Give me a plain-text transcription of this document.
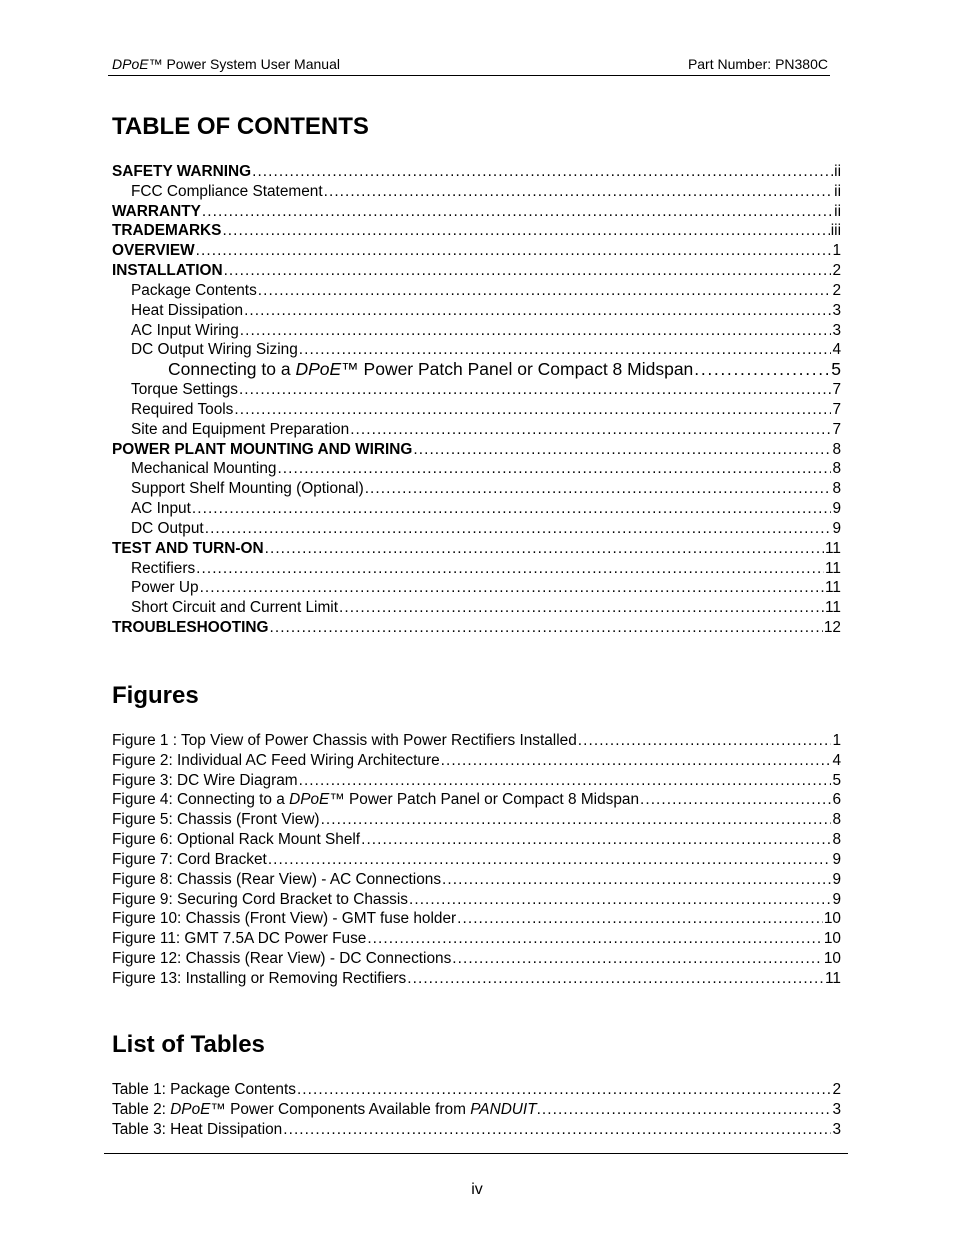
DPoE™ Power System User Manual	Part Number: PN380C
TABLE OF CONTENTS
SAFETY WARNING . . .	ii
FCC Compliance Statement . . .	ii
WARRANTY . . .	ii
TRADEMARKS . . .	iii
OVERVIEW . . .	1
INSTALLATION . . .	2
Package Contents . . .	2
Heat Dissipation . . .	3
AC Input Wiring . . .	3
DC Output Wiring Sizing . . .	4
Connecting to a DPoE™ Power Patch Panel or Compact 8 Midspan . . .	5
Torque Settings . . .	7
Required Tools . . .	7
Site and Equipment Preparation . . .	7
POWER PLANT MOUNTING AND WIRING . . .	8
Mechanical Mounting . . .	8
Support Shelf Mounting (Optional) . . .	8
AC Input . . .	9
DC Output . . .	9
TEST AND TURN-ON . . .	11
Rectifiers . . .	11
Power Up . . .	11
Short Circuit and Current Limit . . .	11
TROUBLESHOOTING . . .	12
Figures
Figure 1 : Top View of Power Chassis with Power Rectifiers Installed . . .	1
Figure 2: Individual AC Feed Wiring Architecture . . .	4
Figure 3: DC Wire Diagram . . .	5
Figure 4: Connecting to a DPoE™ Power Patch Panel or Compact 8 Midspan . . .	6
Figure 5: Chassis (Front View) . . .	8
Figure 6: Optional Rack Mount Shelf . . .	8
Figure 7: Cord Bracket . . .	9
Figure 8: Chassis (Rear View) - AC Connections . . .	9
Figure 9: Securing Cord Bracket to Chassis . . .	9
Figure 10: Chassis (Front View) - GMT fuse holder . . .	10
Figure 11: GMT 7.5A DC Power Fuse . . .	10
Figure 12: Chassis (Rear View) - DC Connections . . .	10
Figure 13: Installing or Removing Rectifiers . . .	11
List of Tables
Table 1: Package Contents . . .	2
Table 2: DPoE™ Power Components Available from PANDUIT. . . .	3
Table 3: Heat Dissipation . . .	3
iv
